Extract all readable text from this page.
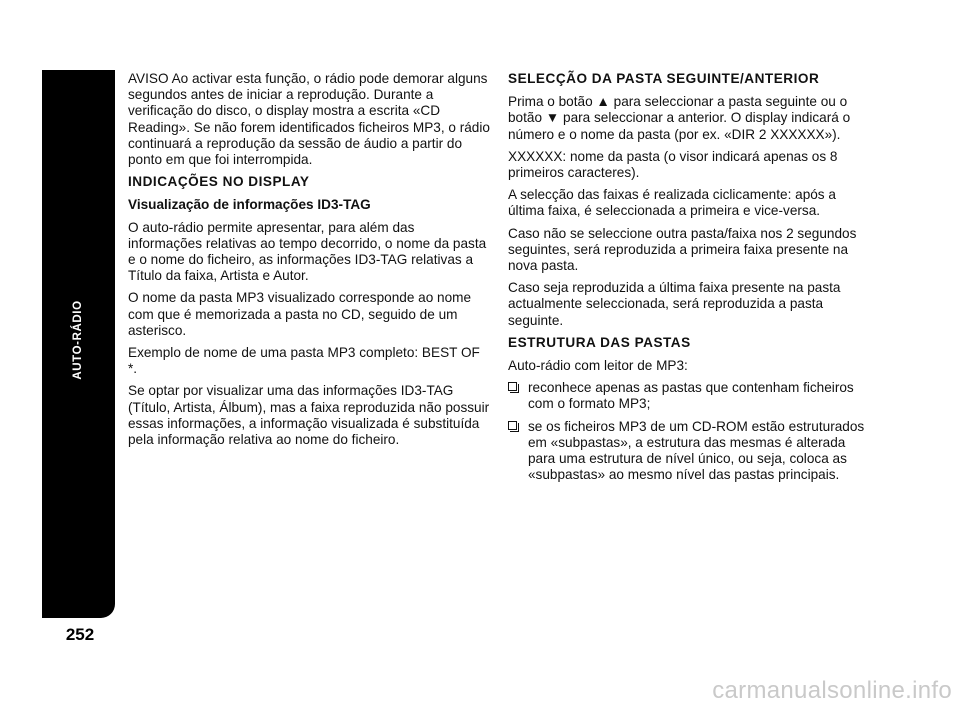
AUTO-RÁDIO
252

AVISO Ao activar esta função, o rádio pode demorar alguns segundos antes de iniciar a reprodução. Durante a verificação do disco, o display mostra a escrita «CD Reading». Se não forem identificados ficheiros MP3, o rádio continuará a reprodução da sessão de áudio a partir do ponto em que foi interrompida.

INDICAÇÕES NO DISPLAY
Visualização de informações ID3-TAG

O auto-rádio permite apresentar, para além das informações relativas ao tempo decorrido, o nome da pasta e o nome do ficheiro, as informações ID3-TAG relativas a Título da faixa, Artista e Autor.

O nome da pasta MP3 visualizado corresponde ao nome com que é memorizada a pasta no CD, seguido de um asterisco.

Exemplo de nome de uma pasta MP3 completo: BEST OF *.

Se optar por visualizar uma das informações ID3-TAG (Título, Artista, Álbum), mas a faixa reproduzida não possuir essas informações, a informação visualizada é substituída pela informação relativa ao nome do ficheiro.

SELECÇÃO DA PASTA SEGUINTE/ANTERIOR

Prima o botão ▲ para seleccionar a pasta seguinte ou o botão ▼ para seleccionar a anterior. O display indicará o número e o nome da pasta (por ex. «DIR 2 XXXXXX»).

XXXXXX: nome da pasta (o visor indicará apenas os 8 primeiros caracteres).

A selecção das faixas é realizada ciclicamente: após a última faixa, é seleccionada a primeira e vice-versa.

Caso não se seleccione outra pasta/faixa nos 2 segundos seguintes, será reproduzida a primeira faixa presente na nova pasta.

Caso seja reproduzida a última faixa presente na pasta actualmente seleccionada, será reproduzida a pasta seguinte.

ESTRUTURA DAS PASTAS

Auto-rádio com leitor de MP3:

reconhece apenas as pastas que contenham ficheiros com o formato MP3;
se os ficheiros MP3 de um CD-ROM estão estruturados em «subpastas», a estrutura das mesmas é alterada para uma estrutura de nível único, ou seja, coloca as «subpastas» ao mesmo nível das pastas principais.
carmanualsonline.info
